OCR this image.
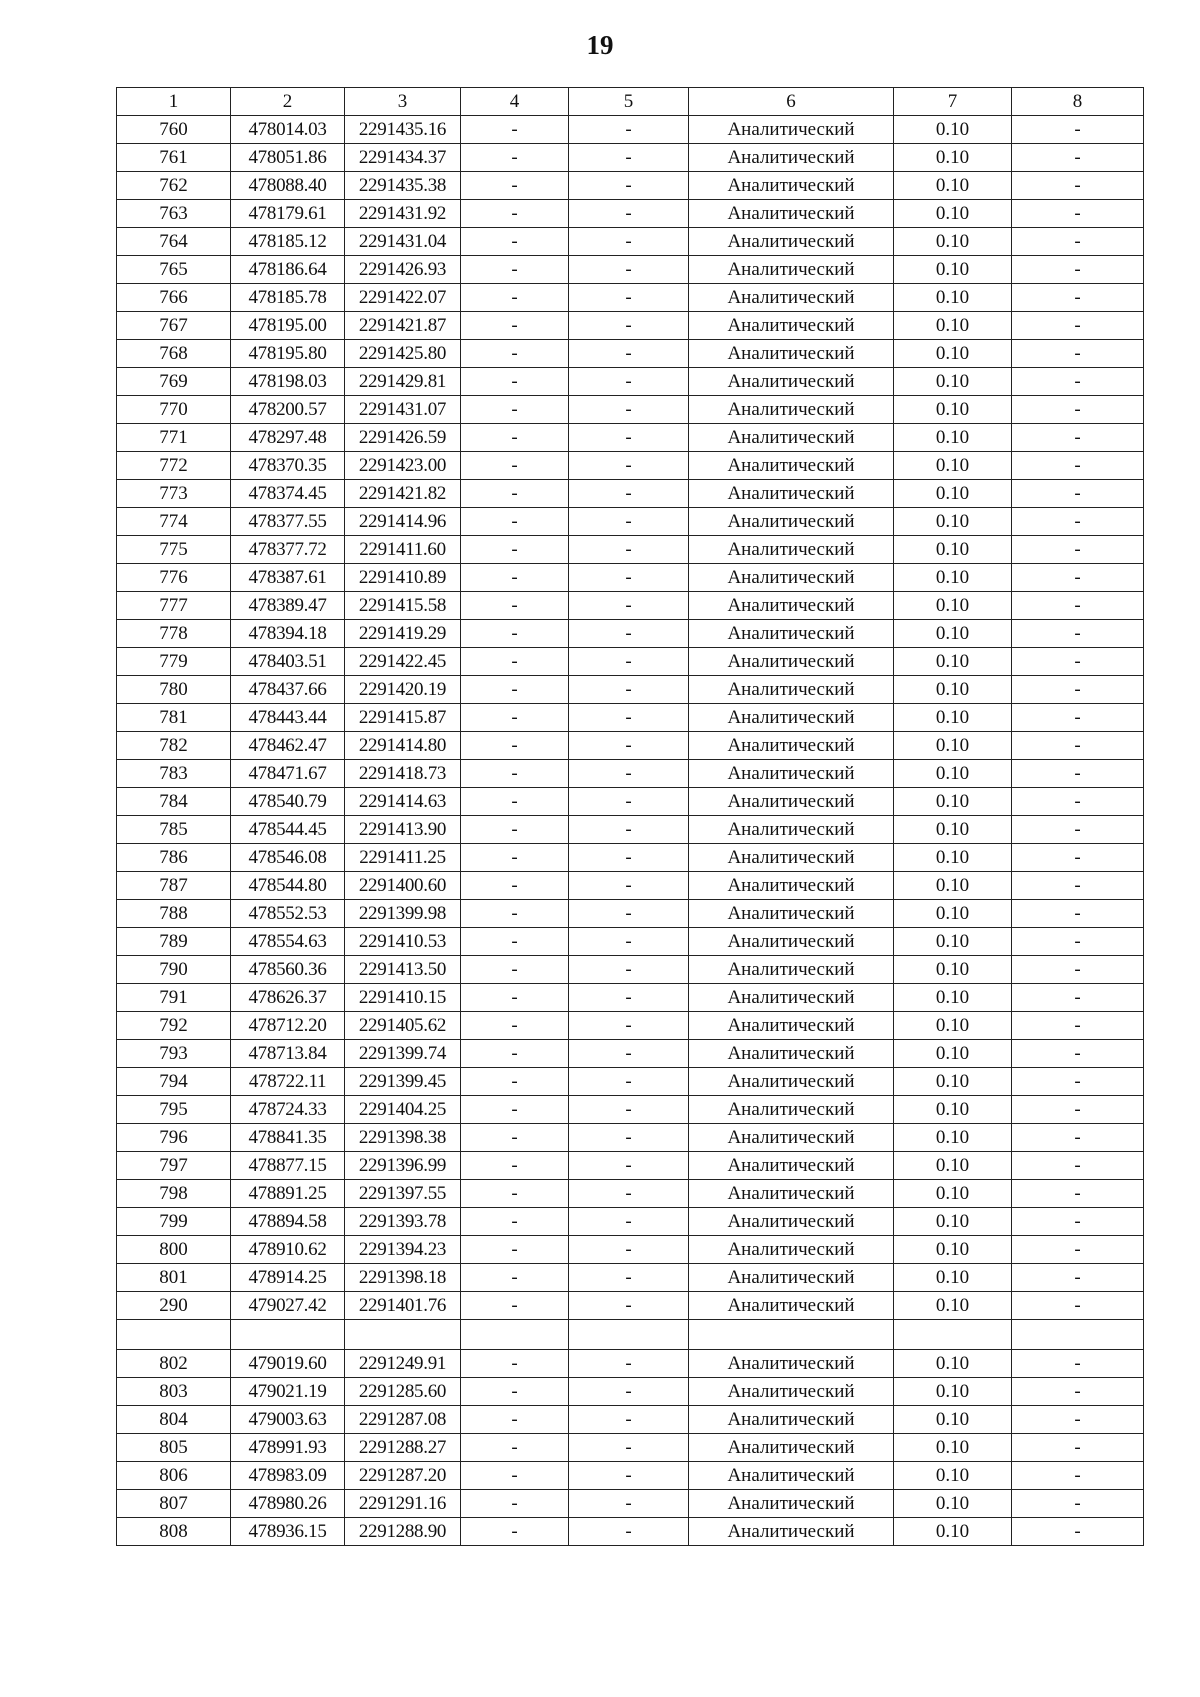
19
1	2	3	4	5	6	7	8
760	478014.03	2291435.16	-	-	Аналитический	0.10	-
761	478051.86	2291434.37	-	-	Аналитический	0.10	-
762	478088.40	2291435.38	-	-	Аналитический	0.10	-
763	478179.61	2291431.92	-	-	Аналитический	0.10	-
764	478185.12	2291431.04	-	-	Аналитический	0.10	-
765	478186.64	2291426.93	-	-	Аналитический	0.10	-
766	478185.78	2291422.07	-	-	Аналитический	0.10	-
767	478195.00	2291421.87	-	-	Аналитический	0.10	-
768	478195.80	2291425.80	-	-	Аналитический	0.10	-
769	478198.03	2291429.81	-	-	Аналитический	0.10	-
770	478200.57	2291431.07	-	-	Аналитический	0.10	-
771	478297.48	2291426.59	-	-	Аналитический	0.10	-
772	478370.35	2291423.00	-	-	Аналитический	0.10	-
773	478374.45	2291421.82	-	-	Аналитический	0.10	-
774	478377.55	2291414.96	-	-	Аналитический	0.10	-
775	478377.72	2291411.60	-	-	Аналитический	0.10	-
776	478387.61	2291410.89	-	-	Аналитический	0.10	-
777	478389.47	2291415.58	-	-	Аналитический	0.10	-
778	478394.18	2291419.29	-	-	Аналитический	0.10	-
779	478403.51	2291422.45	-	-	Аналитический	0.10	-
780	478437.66	2291420.19	-	-	Аналитический	0.10	-
781	478443.44	2291415.87	-	-	Аналитический	0.10	-
782	478462.47	2291414.80	-	-	Аналитический	0.10	-
783	478471.67	2291418.73	-	-	Аналитический	0.10	-
784	478540.79	2291414.63	-	-	Аналитический	0.10	-
785	478544.45	2291413.90	-	-	Аналитический	0.10	-
786	478546.08	2291411.25	-	-	Аналитический	0.10	-
787	478544.80	2291400.60	-	-	Аналитический	0.10	-
788	478552.53	2291399.98	-	-	Аналитический	0.10	-
789	478554.63	2291410.53	-	-	Аналитический	0.10	-
790	478560.36	2291413.50	-	-	Аналитический	0.10	-
791	478626.37	2291410.15	-	-	Аналитический	0.10	-
792	478712.20	2291405.62	-	-	Аналитический	0.10	-
793	478713.84	2291399.74	-	-	Аналитический	0.10	-
794	478722.11	2291399.45	-	-	Аналитический	0.10	-
795	478724.33	2291404.25	-	-	Аналитический	0.10	-
796	478841.35	2291398.38	-	-	Аналитический	0.10	-
797	478877.15	2291396.99	-	-	Аналитический	0.10	-
798	478891.25	2291397.55	-	-	Аналитический	0.10	-
799	478894.58	2291393.78	-	-	Аналитический	0.10	-
800	478910.62	2291394.23	-	-	Аналитический	0.10	-
801	478914.25	2291398.18	-	-	Аналитический	0.10	-
290	479027.42	2291401.76	-	-	Аналитический	0.10	-

802	479019.60	2291249.91	-	-	Аналитический	0.10	-
803	479021.19	2291285.60	-	-	Аналитический	0.10	-
804	479003.63	2291287.08	-	-	Аналитический	0.10	-
805	478991.93	2291288.27	-	-	Аналитический	0.10	-
806	478983.09	2291287.20	-	-	Аналитический	0.10	-
807	478980.26	2291291.16	-	-	Аналитический	0.10	-
808	478936.15	2291288.90	-	-	Аналитический	0.10	-
